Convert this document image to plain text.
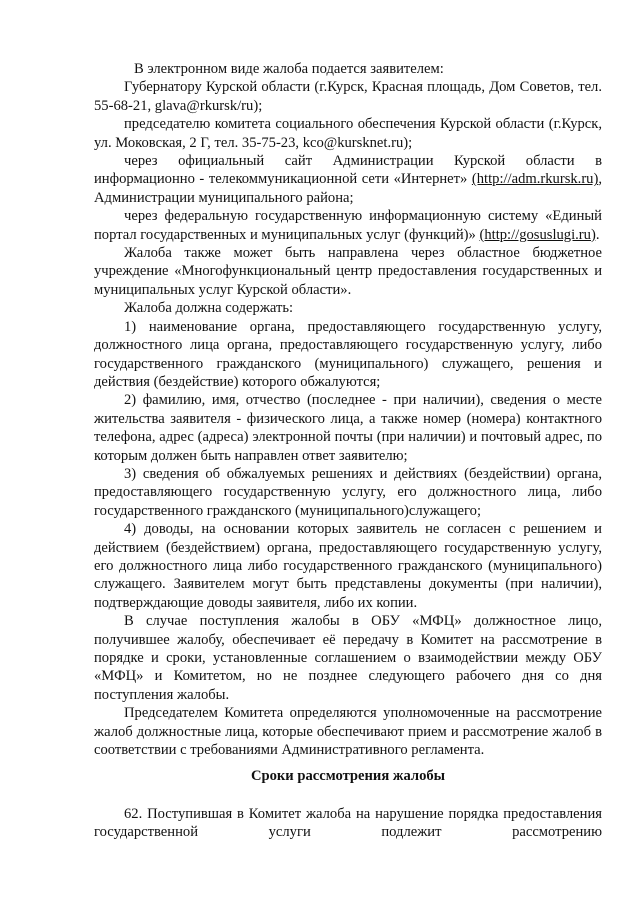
В электронном виде жалоба подается заявителем:

Губернатору Курской области (г.Курск, Красная площадь, Дом Советов, тел. 55-68-21, glava@rkursk/ru);

председателю комитета социального обеспечения Курской области (г.Курск, ул. Моковская, 2 Г, тел. 35-75-23, kco@kursknet.ru);

через официальный сайт Администрации Курской области в информационно - телекоммуникационной сети «Интернет» (http://adm.rkursk.ru), Администрации муниципального района;

через федеральную государственную информационную систему «Единый портал государственных и муниципальных услуг (функций)» (http://gosuslugi.ru).

Жалоба также может быть направлена через областное бюджетное учреждение «Многофункциональный центр предоставления государственных и муниципальных услуг Курской области».

Жалоба должна содержать:

1) наименование органа, предоставляющего государственную услугу, должностного лица органа, предоставляющего государственную услугу, либо государственного гражданского (муниципального) служащего, решения и действия (бездействие) которого обжалуются;

2) фамилию, имя, отчество (последнее - при наличии), сведения о месте жительства заявителя - физического лица, а также номер (номера) контактного телефона, адрес (адреса) электронной почты (при наличии) и почтовый адрес, по которым должен быть направлен ответ заявителю;

3) сведения об обжалуемых решениях и действиях (бездействии) органа, предоставляющего государственную услугу, его должностного лица, либо государственного гражданского (муниципального)служащего;

4) доводы, на основании которых заявитель не согласен с решением и действием (бездействием) органа, предоставляющего государственную услугу, его должностного лица либо государственного гражданского (муниципального) служащего. Заявителем могут быть представлены документы (при наличии), подтверждающие доводы заявителя, либо их копии.

В случае поступления жалобы в ОБУ «МФЦ» должностное лицо, получившее жалобу, обеспечивает её передачу в Комитет на рассмотрение в порядке и сроки, установленные соглашением о взаимодействии между ОБУ «МФЦ» и Комитетом, но не позднее следующего рабочего дня со дня поступления жалобы.

Председателем Комитета определяются уполномоченные на рассмотрение жалоб должностные лица, которые обеспечивают прием и рассмотрение жалоб в соответствии с требованиями Административного регламента.

Сроки рассмотрения жалобы

62. Поступившая в Комитет жалоба на нарушение порядка предоставления государственной услуги подлежит рассмотрению
